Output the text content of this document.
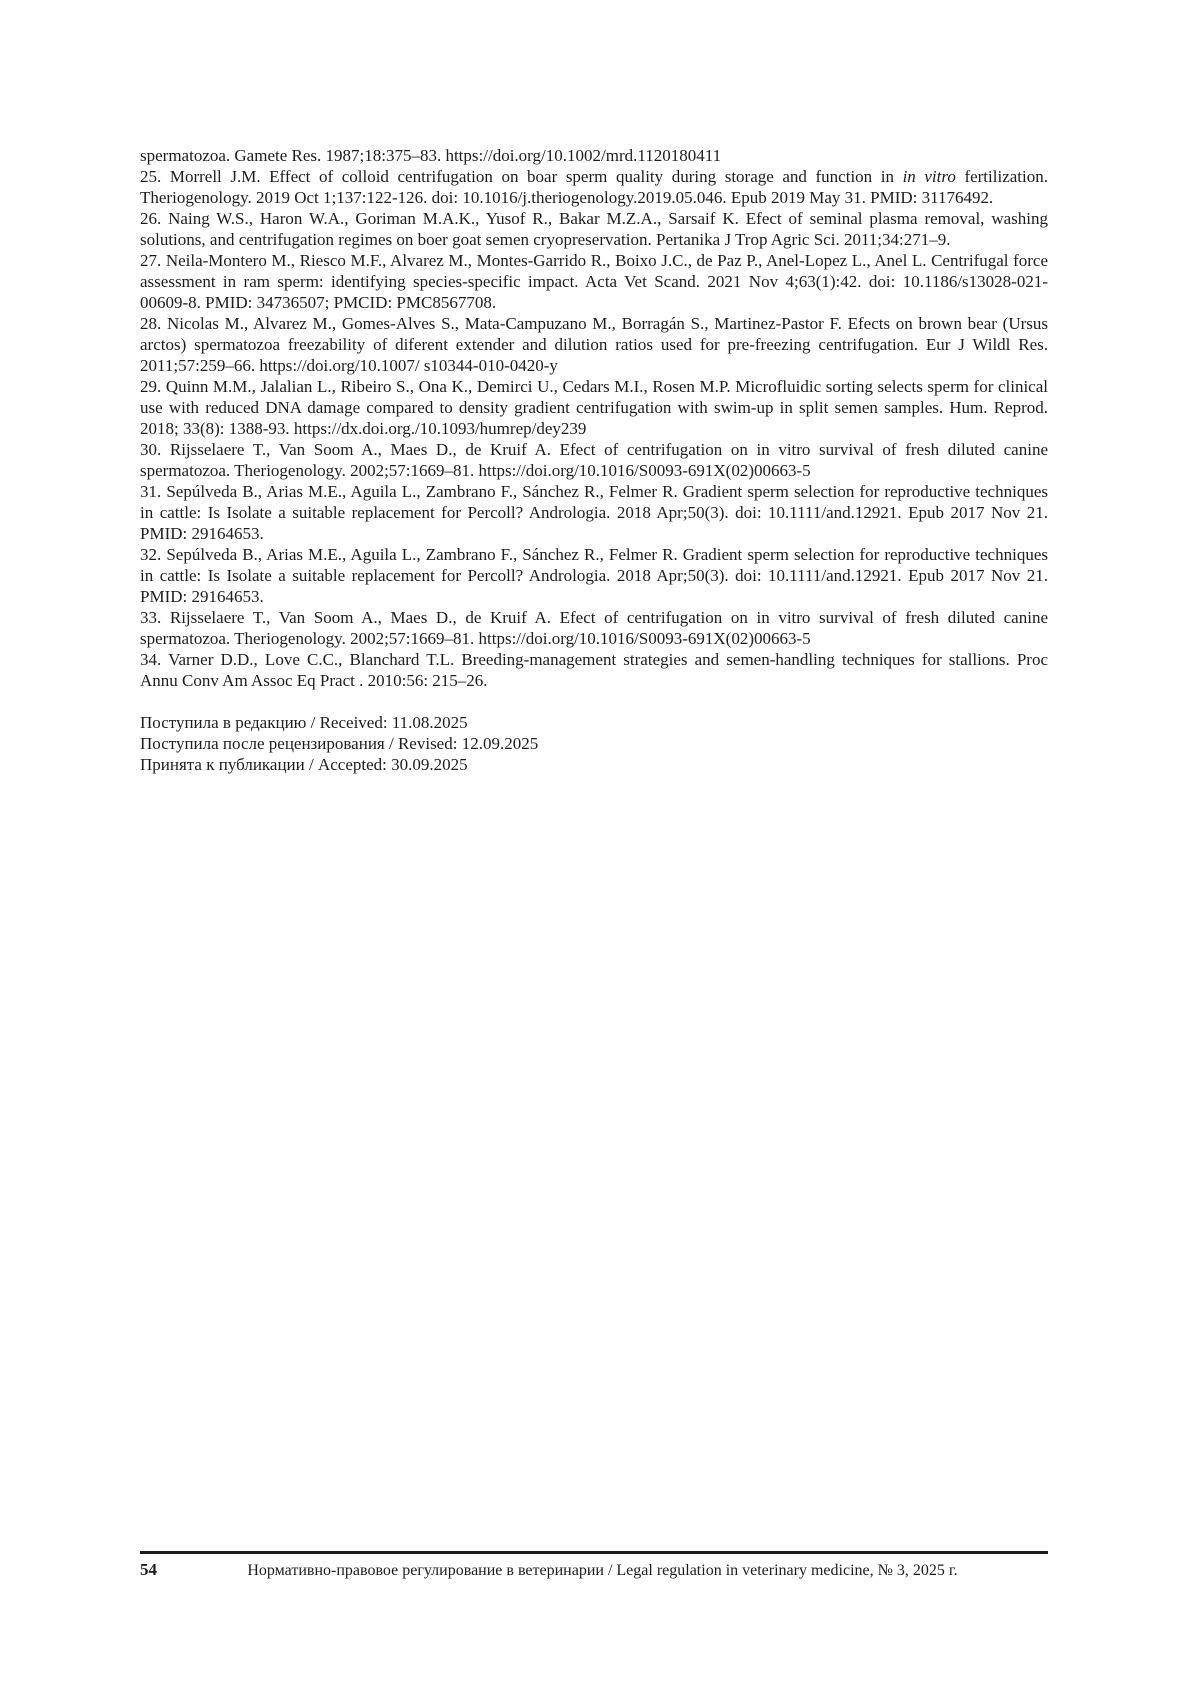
spermatozoa. Gamete Res. 1987;18:375–83. https://doi.org/10.1002/mrd.1120180411

25. Morrell J.M. Effect of colloid centrifugation on boar sperm quality during storage and function in in vitro fertilization. Theriogenology. 2019 Oct 1;137:122-126. doi: 10.1016/j.theriogenology.2019.05.046. Epub 2019 May 31. PMID: 31176492.

26. Naing W.S., Haron W.A., Goriman M.A.K., Yusof R., Bakar M.Z.A., Sarsaif K. Efect of seminal plasma removal, washing solutions, and centrifugation regimes on boer goat semen cryopreservation. Pertanika J Trop Agric Sci. 2011;34:271–9.

27. Neila-Montero M., Riesco M.F., Alvarez M., Montes-Garrido R., Boixo J.C., de Paz P., Anel-Lopez L., Anel L. Centrifugal force assessment in ram sperm: identifying species-specific impact. Acta Vet Scand. 2021 Nov 4;63(1):42. doi: 10.1186/s13028-021-00609-8. PMID: 34736507; PMCID: PMC8567708.

28. Nicolas M., Alvarez M., Gomes-Alves S., Mata-Campuzano M., Borragán S., Martinez-Pastor F. Efects on brown bear (Ursus arctos) spermatozoa freezability of diferent extender and dilution ratios used for pre-freezing centrifugation. Eur J Wildl Res. 2011;57:259–66. https://doi.org/10.1007/ s10344-010-0420-y

29. Quinn M.M., Jalalian L., Ribeiro S., Ona K., Demirci U., Cedars M.I., Rosen M.P. Microfluidic sorting selects sperm for clinical use with reduced DNA damage compared to density gradient centrifugation with swim-up in split semen samples. Hum. Reprod. 2018; 33(8): 1388-93. https://dx.doi.org./10.1093/humrep/dey239

30. Rijsselaere T., Van Soom A., Maes D., de Kruif A. Efect of centrifugation on in vitro survival of fresh diluted canine spermatozoa. Theriogenology. 2002;57:1669–81. https://doi.org/10.1016/S0093-691X(02)00663-5

31. Sepúlveda B., Arias M.E., Aguila L., Zambrano F., Sánchez R., Felmer R. Gradient sperm selection for reproductive techniques in cattle: Is Isolate a suitable replacement for Percoll? Andrologia. 2018 Apr;50(3). doi: 10.1111/and.12921. Epub 2017 Nov 21. PMID: 29164653.

32. Sepúlveda B., Arias M.E., Aguila L., Zambrano F., Sánchez R., Felmer R. Gradient sperm selection for reproductive techniques in cattle: Is Isolate a suitable replacement for Percoll? Andrologia. 2018 Apr;50(3). doi: 10.1111/and.12921. Epub 2017 Nov 21. PMID: 29164653.

33. Rijsselaere T., Van Soom A., Maes D., de Kruif A. Efect of centrifugation on in vitro survival of fresh diluted canine spermatozoa. Theriogenology. 2002;57:1669–81. https://doi.org/10.1016/S0093-691X(02)00663-5

34. Varner D.D., Love C.C., Blanchard T.L. Breeding-management strategies and semen-handling techniques for stallions. Proc Annu Conv Am Assoc Eq Pract . 2010:56: 215–26.

Поступила в редакцию / Received: 11.08.2025
Поступила после рецензирования / Revised: 12.09.2025
Принята к публикации / Accepted: 30.09.2025
54	Нормативно-правовое регулирование в ветеринарии / Legal regulation in veterinary medicine, № 3, 2025 г.
